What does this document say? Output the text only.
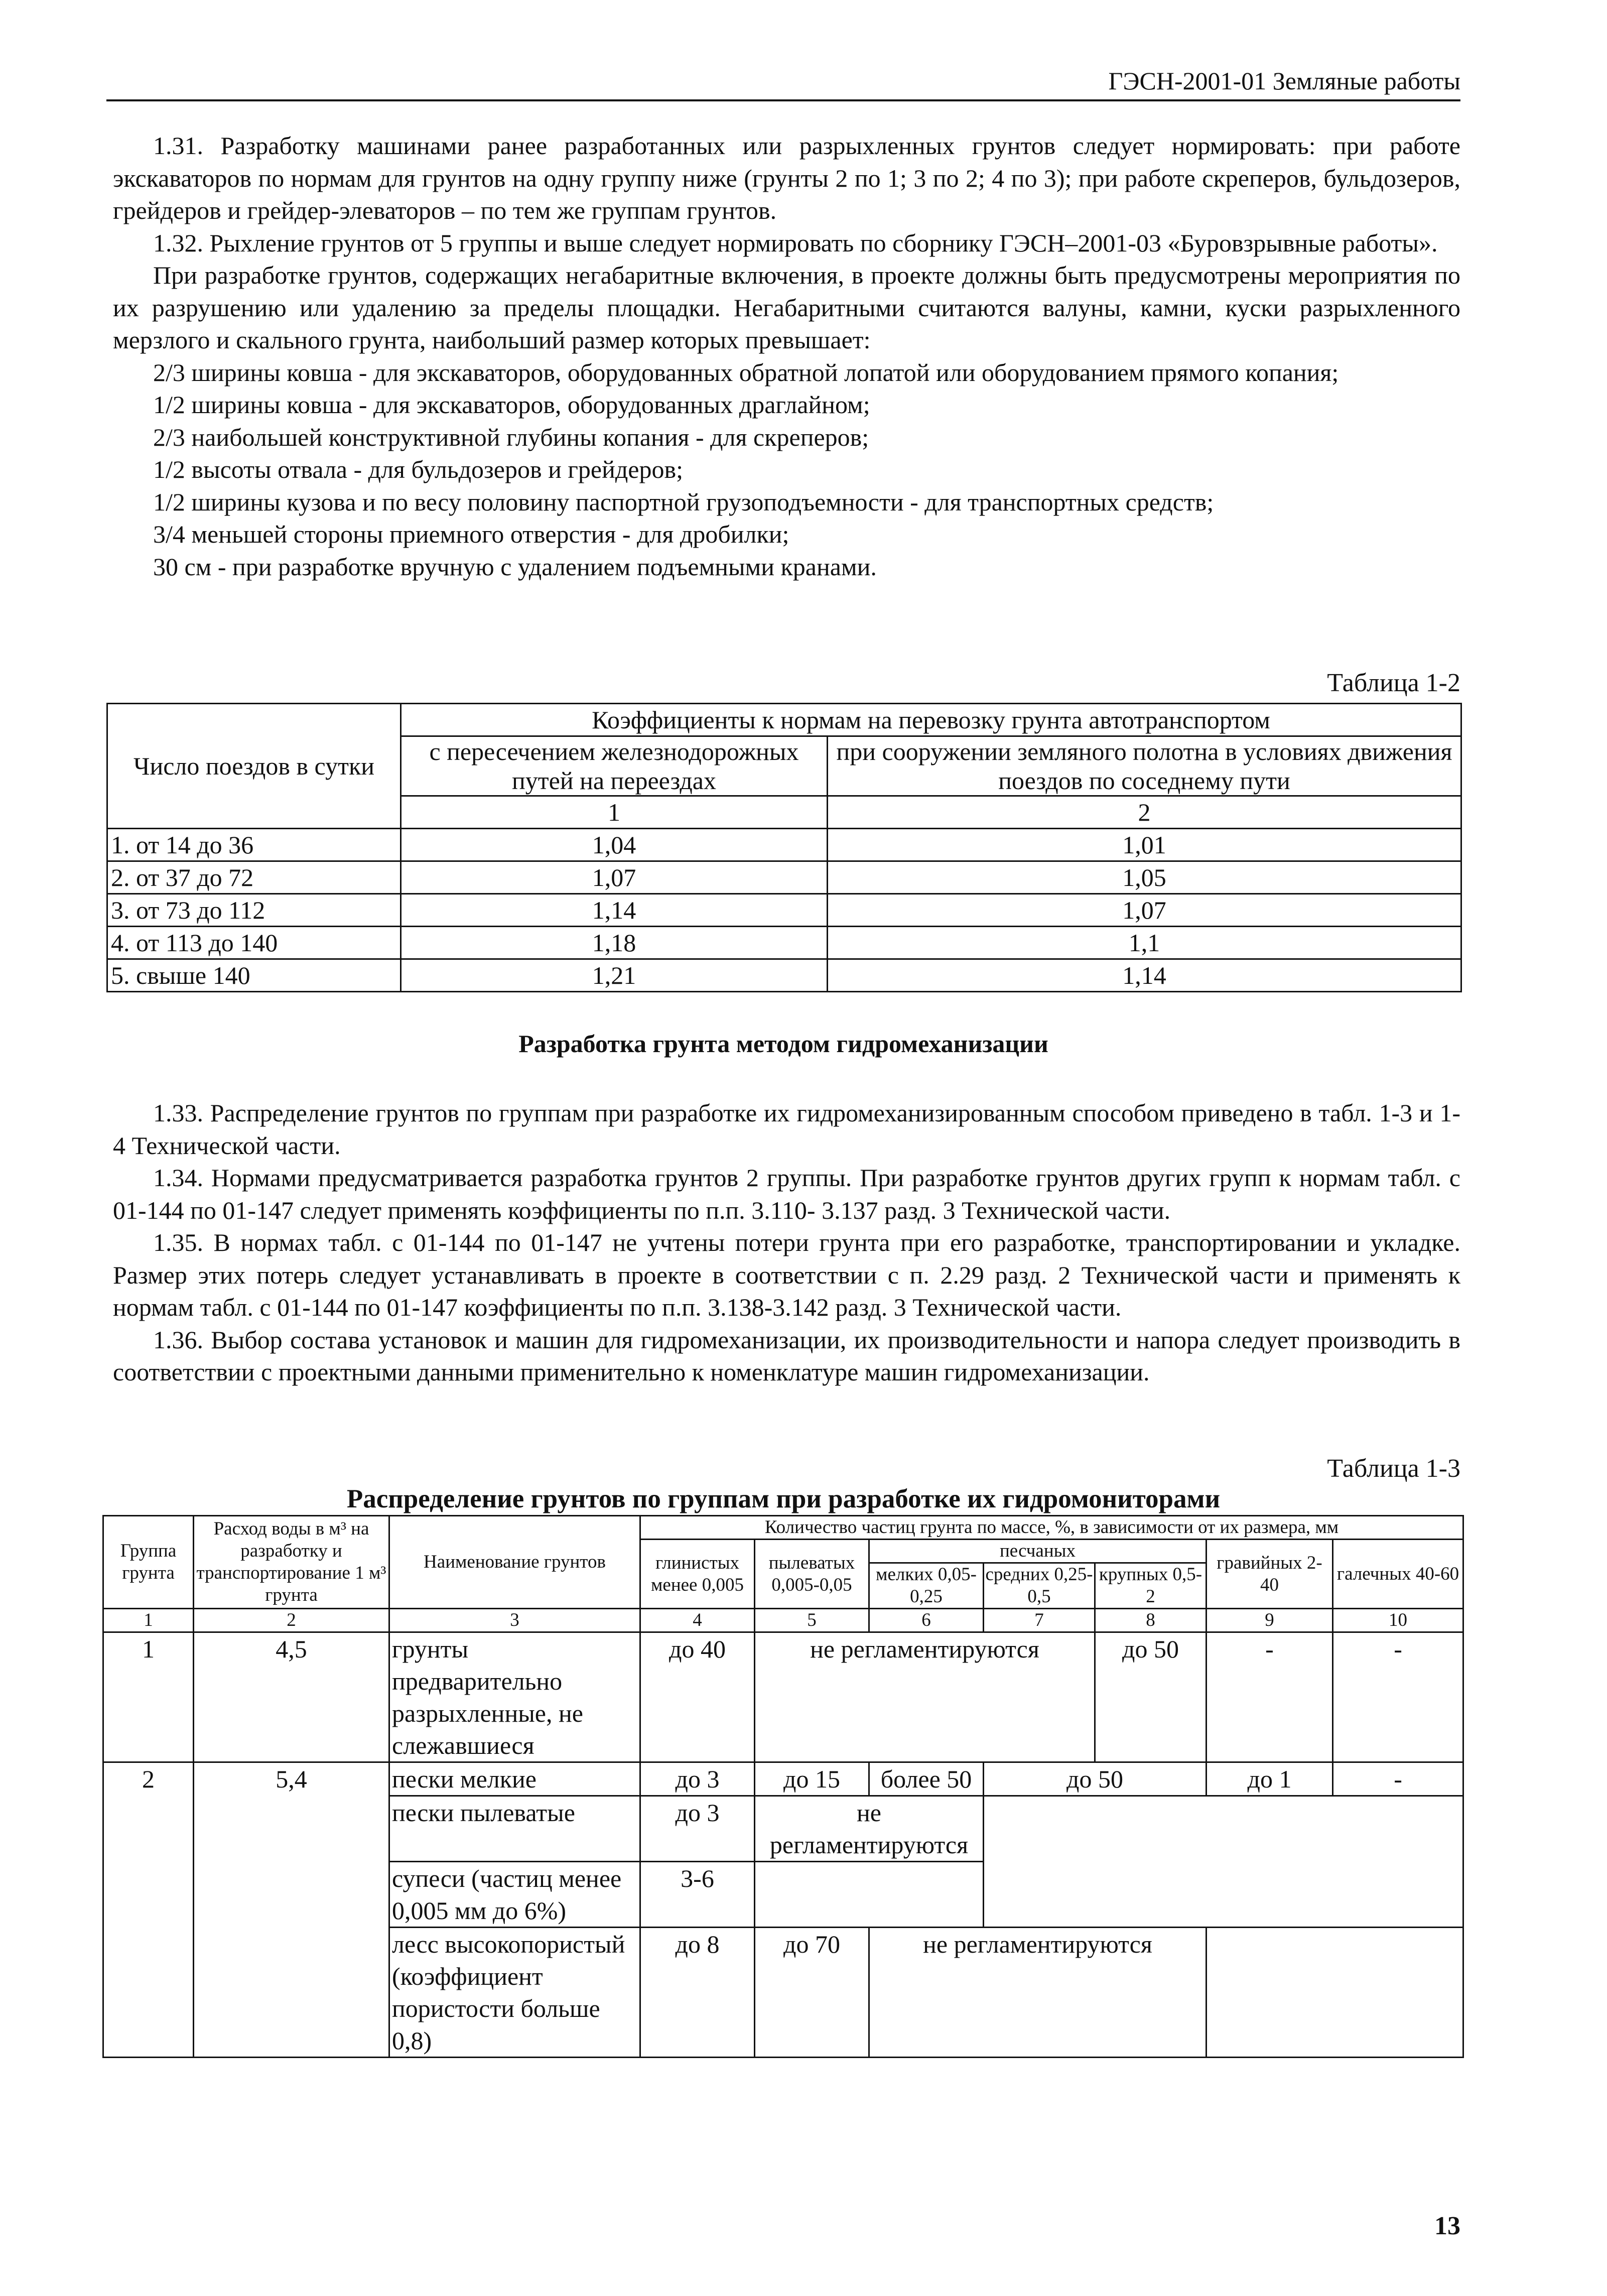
ГЭСН-2001-01 Земляные работы

1.31. Разработку машинами ранее разработанных или разрыхленных грунтов следует нормировать: при работе экскаваторов по нормам для грунтов на одну группу ниже (грунты 2 по 1; 3 по 2; 4 по 3); при работе скреперов, бульдозеров, грейдеров и грейдер-элеваторов – по тем же группам грунтов.

1.32. Рыхление грунтов от 5 группы и выше следует нормировать по сборнику ГЭСН–2001-03 «Буровзрывные работы».

При разработке грунтов, содержащих негабаритные включения, в проекте должны быть предусмотрены мероприятия по их разрушению или удалению за пределы площадки. Негабаритными считаются валуны, камни, куски разрыхленного мерзлого и скального грунта, наибольший размер которых превышает:

2/3 ширины ковша - для экскаваторов, оборудованных обратной лопатой или оборудованием прямого копания;

1/2 ширины ковша - для экскаваторов, оборудованных драглайном;

2/3 наибольшей конструктивной глубины копания - для скреперов;

1/2 высоты отвала - для бульдозеров и грейдеров;

1/2 ширины кузова и по весу половину паспортной грузоподъемности - для транспортных средств;

3/4 меньшей стороны приемного отверстия - для дробилки;

30 см - при разработке вручную с удалением подъемными кранами.

Таблица 1-2
Число поездов в сутки	Коэффициенты к нормам на перевозку грунта автотранспортом	
	с пересечением железнодорожных путей на переездах	при сооружении земляного полотна в условиях движения поездов по соседнему пути
	1	2
1. от 14 до 36	1,04	1,01
2. от 37 до 72	1,07	1,05
3. от 73 до 112	1,14	1,07
4. от 113 до 140	1,18	1,1
5. свыше 140	1,21	1,14
Разработка грунта методом гидромеханизации

1.33. Распределение грунтов по группам при разработке их гидромеханизированным способом приведено в табл. 1-3 и 1-4 Технической части.

1.34. Нормами предусматривается разработка грунтов 2 группы. При разработке грунтов других групп к нормам табл. с 01-144 по 01-147 следует применять коэффициенты по п.п. 3.110- 3.137 разд. 3 Технической части.

1.35. В нормах табл. с 01-144 по 01-147 не учтены потери грунта при его разработке, транспортировании и укладке. Размер этих потерь следует устанавливать в проекте в соответствии с п. 2.29 разд. 2 Технической части и применять к нормам табл. с 01-144 по 01-147 коэффициенты по п.п. 3.138-3.142 разд. 3 Технической части.

1.36. Выбор состава установок и машин для гидромеханизации, их производительности и напора следует производить в соответствии с проектными данными применительно к номенклатуре машин гидромеханизации.

Таблица 1-3
Распределение грунтов по группам при разработке их гидромониторами
Группа грунта	Расход воды в м³ на разработку и транспортирование 1 м³ грунта	Наименование грунтов	Количество частиц грунта по массе, %, в зависимости от их размера, мм						
			глинистых менее 0,005	пылеватых 0,005-0,05	песчаных			гравийных 2-40	галечных 40-60
					мелких 0,05-0,25	средних 0,25-0,5	крупных 0,5-2		
1	2	3	4	5	6	7	8	9	10
1	4,5	грунты предварительно разрыхленные, не слежавшиеся	до 40	не регламентируются			до 50	-	-
2	5,4	пески мелкие	до 3	до 15	более 50	до 50		до 1	-
		пески пылеватые	до 3	не регламентируются					
		супеси (частиц менее 0,005 мм до 6%)	3-6						
		лесс высокопористый (коэффициент пористости больше 0,8)	до 8	до 70	не регламентируются				
13
